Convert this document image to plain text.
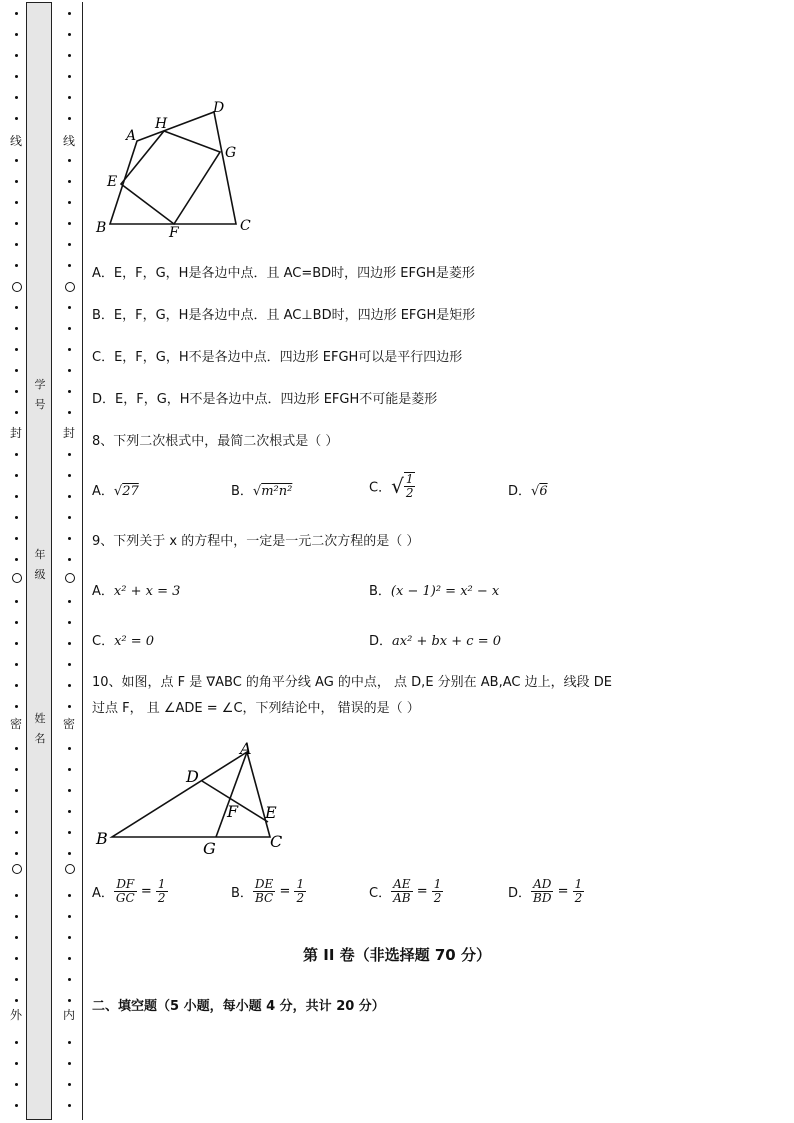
学号
年级
姓名
线
封
密
外
线
封
密
内
A
H
D
G
E
B	F	C
A．E，F，G，H是各边中点．且 AC=BD时，四边形 EFGH是菱形
B．E，F，G，H是各边中点．且 AC⊥BD时，四边形 EFGH是矩形
C．E，F，G，H不是各边中点．四边形 EFGH可以是平行四边形
D．E，F，G，H不是各边中点．四边形 EFGH不可能是菱形
8、下列二次根式中，最简二次根式是（ ）
A．√27	B．√m²n²	C．√ $\frac{1}{2}$	D．√6
9、下列关于 x 的方程中，一定是一元二次方程的是（ ）
A．x² + x = 3	B．(x − 1)² = x² − x
C．x² = 0	D．ax² + bx + c = 0
10、如图，点 F 是 ∇ABC 的角平分线 AG 的中点， 点 D,E 分别在 AB,AC 边上，线段 DE
过点 F， 且 ∠ADE = ∠C，下列结论中， 错误的是（ ）
A
D
F E
B
G	C
A． $\frac{DF}{GC} = \frac{1}{2}$	B． $\frac{DE}{BC} = \frac{1}{2}$	C． $\frac{AE}{AB} = \frac{1}{2}$	D． $\frac{AD}{BD} = \frac{1}{2}$
第 II 卷（非选择题 70 分）
二、填空题（5 小题，每小题 4 分，共计 20 分）
